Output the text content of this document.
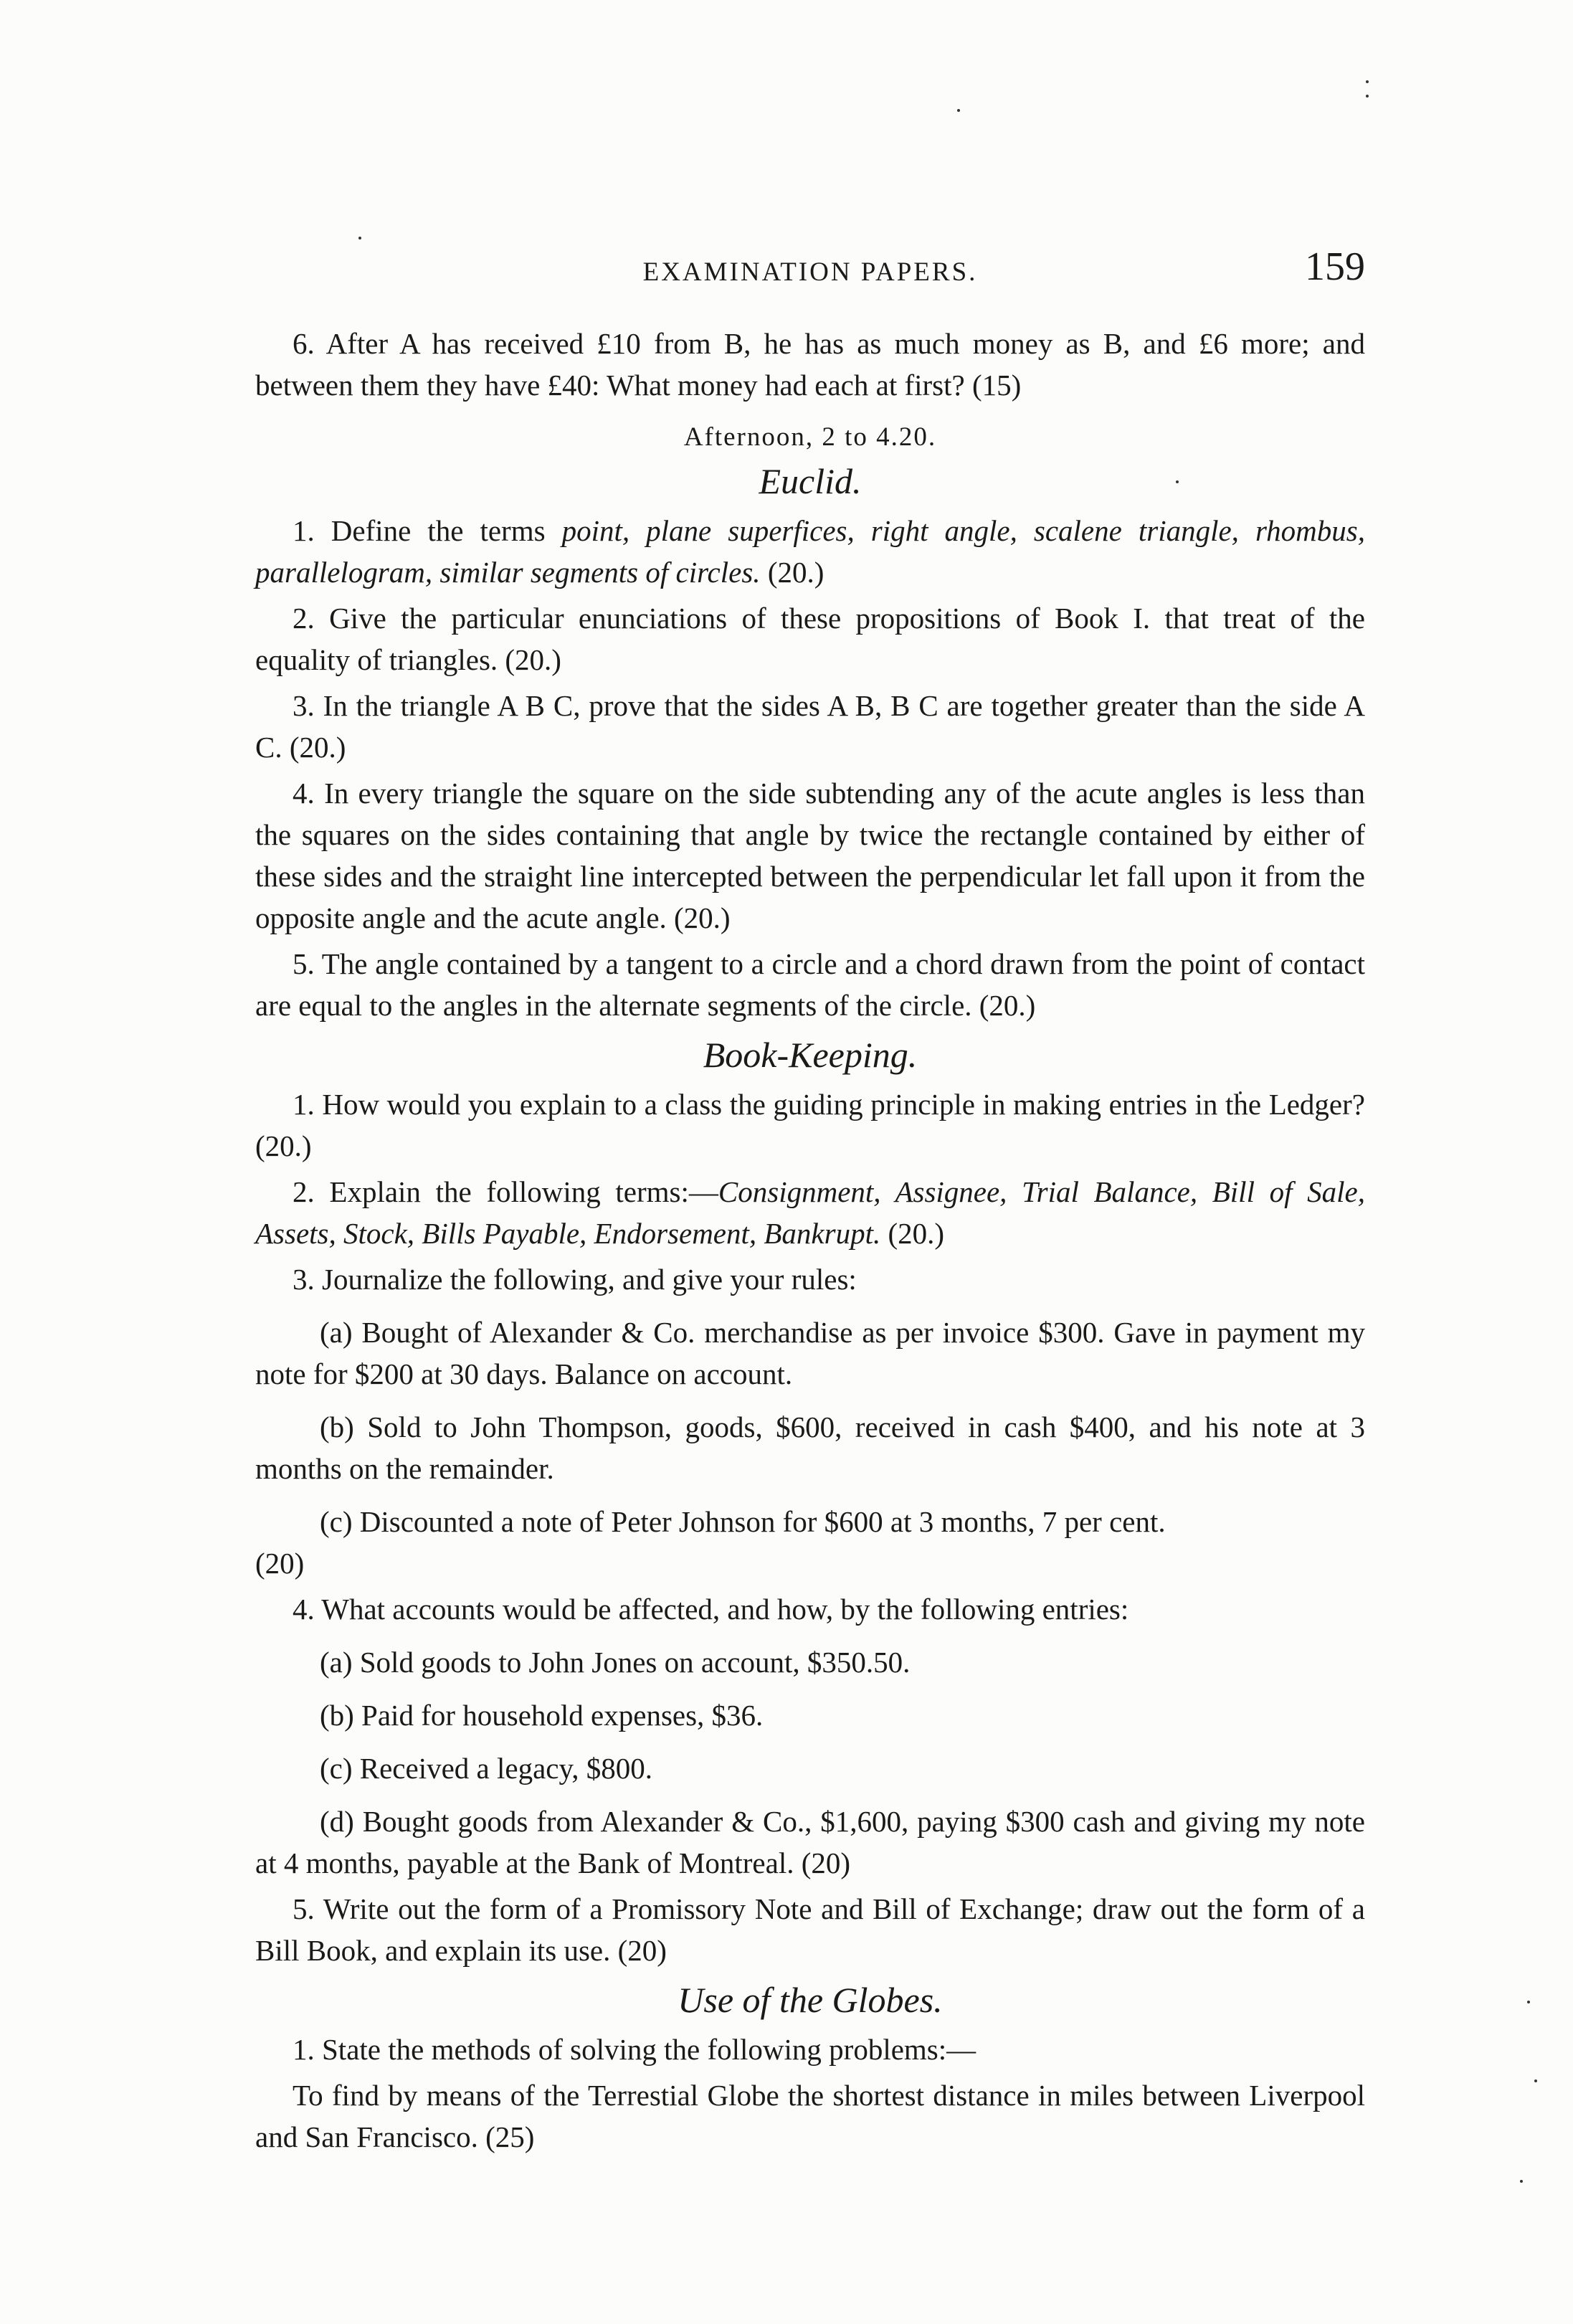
EXAMINATION PAPERS.	159

6. After A has received £10 from B, he has as much money as B, and £6 more; and between them they have £40: What money had each at first? (15)

Afternoon, 2 to 4.20.
Euclid.

1. Define the terms point, plane superfices, right angle, scalene triangle, rhombus, parallelogram, similar segments of circles. (20.)

2. Give the particular enunciations of these propositions of Book I. that treat of the equality of triangles. (20.)

3. In the triangle A B C, prove that the sides A B, B C are together greater than the side A C. (20.)

4. In every triangle the square on the side subtending any of the acute angles is less than the squares on the sides containing that angle by twice the rectangle contained by either of these sides and the straight line intercepted between the perpendicular let fall upon it from the opposite angle and the acute angle. (20.)

5. The angle contained by a tangent to a circle and a chord drawn from the point of contact are equal to the angles in the alternate segments of the circle. (20.)

Book-Keeping.

1. How would you explain to a class the guiding principle in making entries in the Ledger? (20.)

2. Explain the following terms:—Consignment, Assignee, Trial Balance, Bill of Sale, Assets, Stock, Bills Payable, Endorsement, Bankrupt. (20.)

3. Journalize the following, and give your rules:

(a) Bought of Alexander & Co. merchandise as per invoice $300. Gave in payment my note for $200 at 30 days. Balance on account.

(b) Sold to John Thompson, goods, $600, received in cash $400, and his note at 3 months on the remainder.

(c) Discounted a note of Peter Johnson for $600 at 3 months, 7 per cent.

(20)

4. What accounts would be affected, and how, by the following entries:

(a) Sold goods to John Jones on account, $350.50.

(b) Paid for household expenses, $36.

(c) Received a legacy, $800.

(d) Bought goods from Alexander & Co., $1,600, paying $300 cash and giving my note at 4 months, payable at the Bank of Montreal. (20)

5. Write out the form of a Promissory Note and Bill of Exchange; draw out the form of a Bill Book, and explain its use. (20)

Use of the Globes.

1. State the methods of solving the following problems:—

To find by means of the Terrestial Globe the shortest distance in miles between Liverpool and San Francisco. (25)
